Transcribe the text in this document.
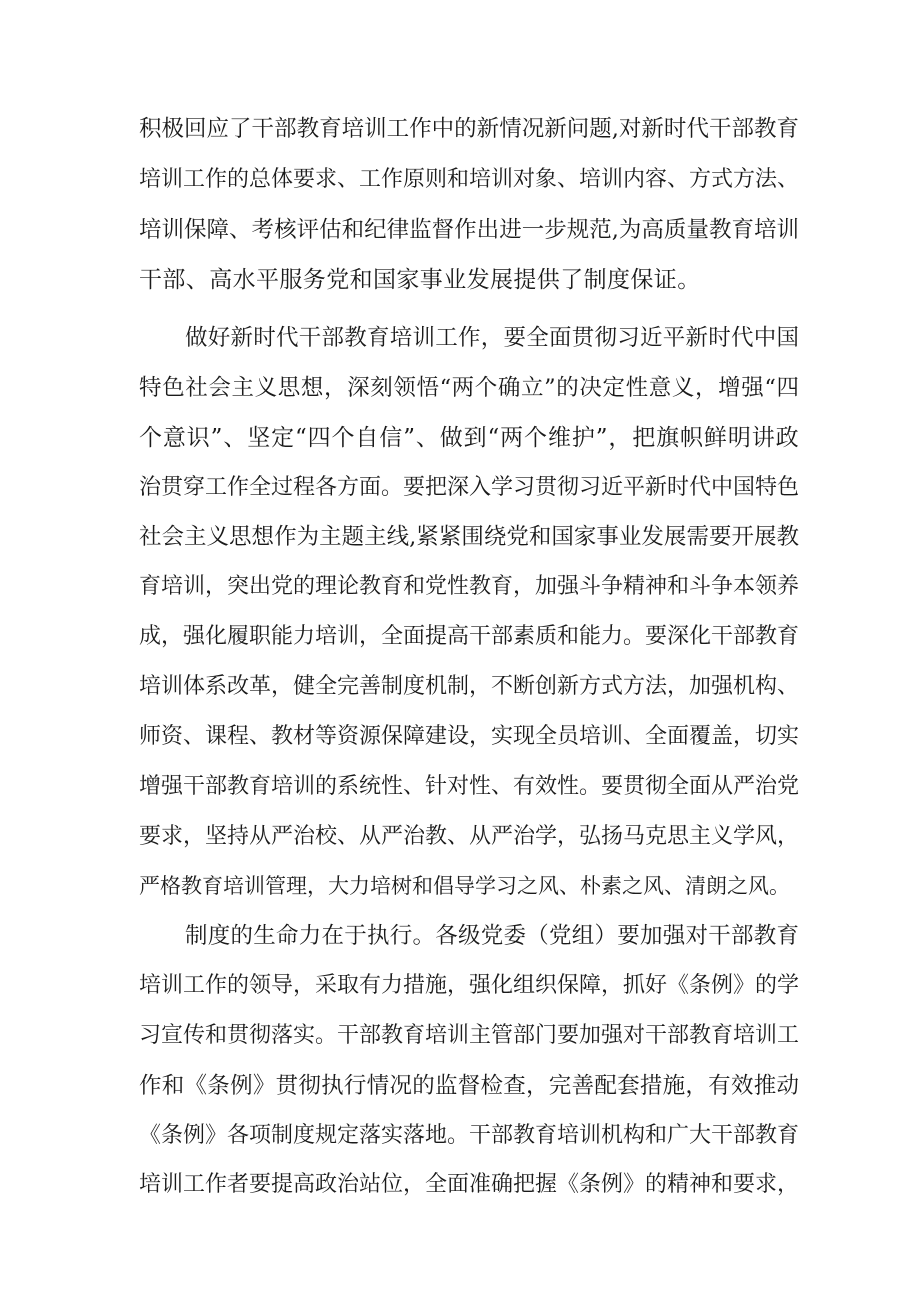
积极回应了干部教育培训工作中的新情况新问题,对新时代干部教育
培训工作的总体要求、工作原则和培训对象、培训内容、方式方法、
培训保障、考核评估和纪律监督作出进一步规范,为高质量教育培训
干部、高水平服务党和国家事业发展提供了制度保证。
做好新时代干部教育培训工作，要全面贯彻习近平新时代中国
特色社会主义思想，深刻领悟“两个确立”的决定性意义，增强“四
个意识”、坚定“四个自信”、做到“两个维护”，把旗帜鲜明讲政
治贯穿工作全过程各方面。要把深入学习贯彻习近平新时代中国特色
社会主义思想作为主题主线,紧紧围绕党和国家事业发展需要开展教
育培训，突出党的理论教育和党性教育，加强斗争精神和斗争本领养
成，强化履职能力培训，全面提高干部素质和能力。要深化干部教育
培训体系改革，健全完善制度机制，不断创新方式方法，加强机构、
师资、课程、教材等资源保障建设，实现全员培训、全面覆盖，切实
增强干部教育培训的系统性、针对性、有效性。要贯彻全面从严治党
要求，坚持从严治校、从严治教、从严治学，弘扬马克思主义学风，
严格教育培训管理，大力培树和倡导学习之风、朴素之风、清朗之风。
制度的生命力在于执行。各级党委（党组）要加强对干部教育
培训工作的领导，采取有力措施，强化组织保障，抓好《条例》的学
习宣传和贯彻落实。干部教育培训主管部门要加强对干部教育培训工
作和《条例》贯彻执行情况的监督检查，完善配套措施，有效推动
《条例》各项制度规定落实落地。干部教育培训机构和广大干部教育
培训工作者要提高政治站位，全面准确把握《条例》的精神和要求，
